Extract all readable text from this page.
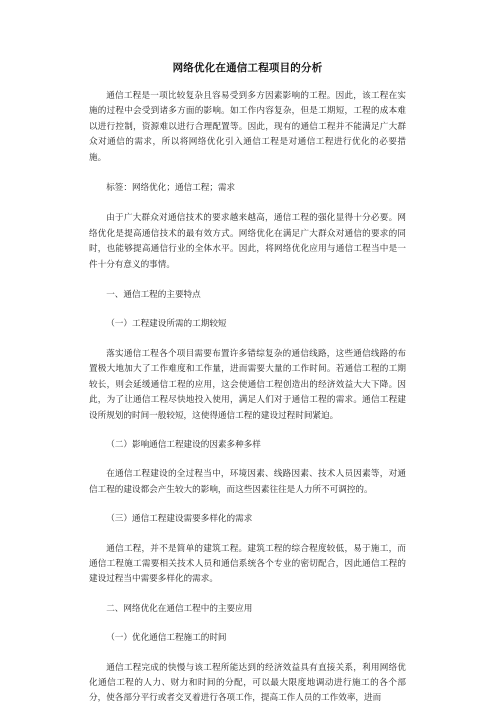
网络优化在通信工程项目的分析

通信工程是一项比较复杂且容易受到多方因素影响的工程。因此，该工程在实施的过程中会受到诸多方面的影响。如工作内容复杂，但是工期短，工程的成本难以进行控制，资源难以进行合理配置等。因此，现有的通信工程并不能满足广大群众对通信的需求，所以将网络优化引入通信工程是对通信工程进行优化的必要措施。

标签：网络优化；通信工程；需求

由于广大群众对通信技术的要求越来越高，通信工程的强化显得十分必要。网络优化是提高通信技术的最有效方式。网络优化在满足广大群众对通信的要求的同时，也能够提高通信行业的全体水平。因此，将网络优化应用与通信工程当中是一件十分有意义的事情。

一、通信工程的主要特点

（一）工程建设所需的工期较短

落实通信工程各个项目需要布置许多错综复杂的通信线路，这些通信线路的布置极大地加大了工作难度和工作量，进而需要大量的工作时间。若通信工程的工期较长，则会延缓通信工程的应用，这会使通信工程创造出的经济效益大大下降。因此，为了让通信工程尽快地投入使用，满足人们对于通信工程的需求。通信工程建设所规划的时间一般较短，这使得通信工程的建设过程时间紧迫。

（二）影响通信工程建设的因素多种多样

在通信工程建设的全过程当中，环境因素、线路因素、技术人员因素等，对通信工程的建设都会产生较大的影响，而这些因素往往是人力所不可调控的。

（三）通信工程建设需要多样化的需求

通信工程，并不是简单的建筑工程。建筑工程的综合程度较低，易于施工，而通信工程施工需要相关技术人员和通信系统各个专业的密切配合，因此通信工程的建设过程当中需要多样化的需求。

二、网络优化在通信工程中的主要应用

（一）优化通信工程施工的时间

通信工程完成的快慢与该工程所能达到的经济效益具有直接关系，利用网络优化通信工程的人力、财力和时间的分配，可以最大限度地调动进行施工的各个部分，使各部分平行或者交叉着进行各项工作，提高工作人员的工作效率，进而
